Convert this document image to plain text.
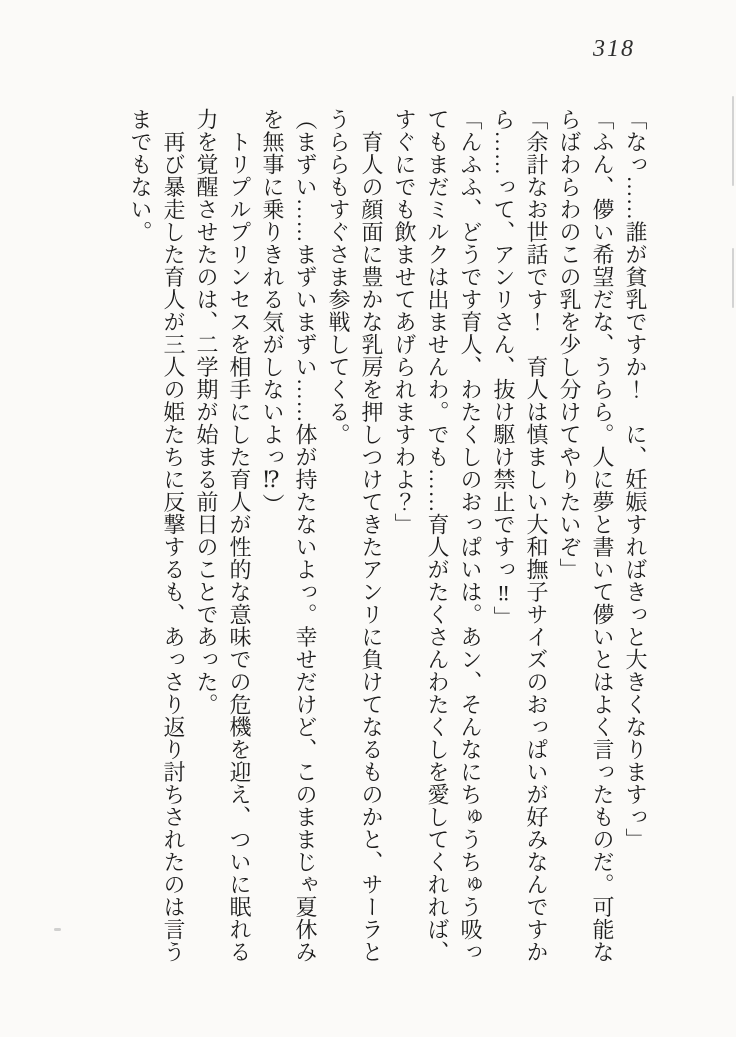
318
「なっ……誰が貧乳ですか！　に、妊娠すればきっと大きくなりますっ」
「ふん、儚い希望だな、うらら。人に夢と書いて儚いとはよく言ったものだ。可能な
らばわらわのこの乳を少し分けてやりたいぞ」
「余計なお世話です！　育人は慎ましい大和撫子サイズのおっぱいが好みなんですか
ら……って、アンリさん、抜け駆け禁止ですっ‼」
「んふふ、どうです育人、わたくしのおっぱいは。あン、そんなにちゅうちゅう吸っ
てもまだミルクは出ませんわ。でも……育人がたくさんわたくしを愛してくれれば、
すぐにでも飲ませてあげられますわよ？」
　育人の顔面に豊かな乳房を押しつけてきたアンリに負けてなるものかと、サーラと
うららもすぐさま参戦してくる。
（まずい……まずいまずい……体が持たないよっ。幸せだけど、このままじゃ夏休み
を無事に乗りきれる気がしないよっ⁉）
　トリプルプリンセスを相手にした育人が性的な意味での危機を迎え、ついに眠れる
力を覚醒させたのは、二学期が始まる前日のことであった。
　再び暴走した育人が三人の姫たちに反撃するも、あっさり返り討ちされたのは言う
までもない。
